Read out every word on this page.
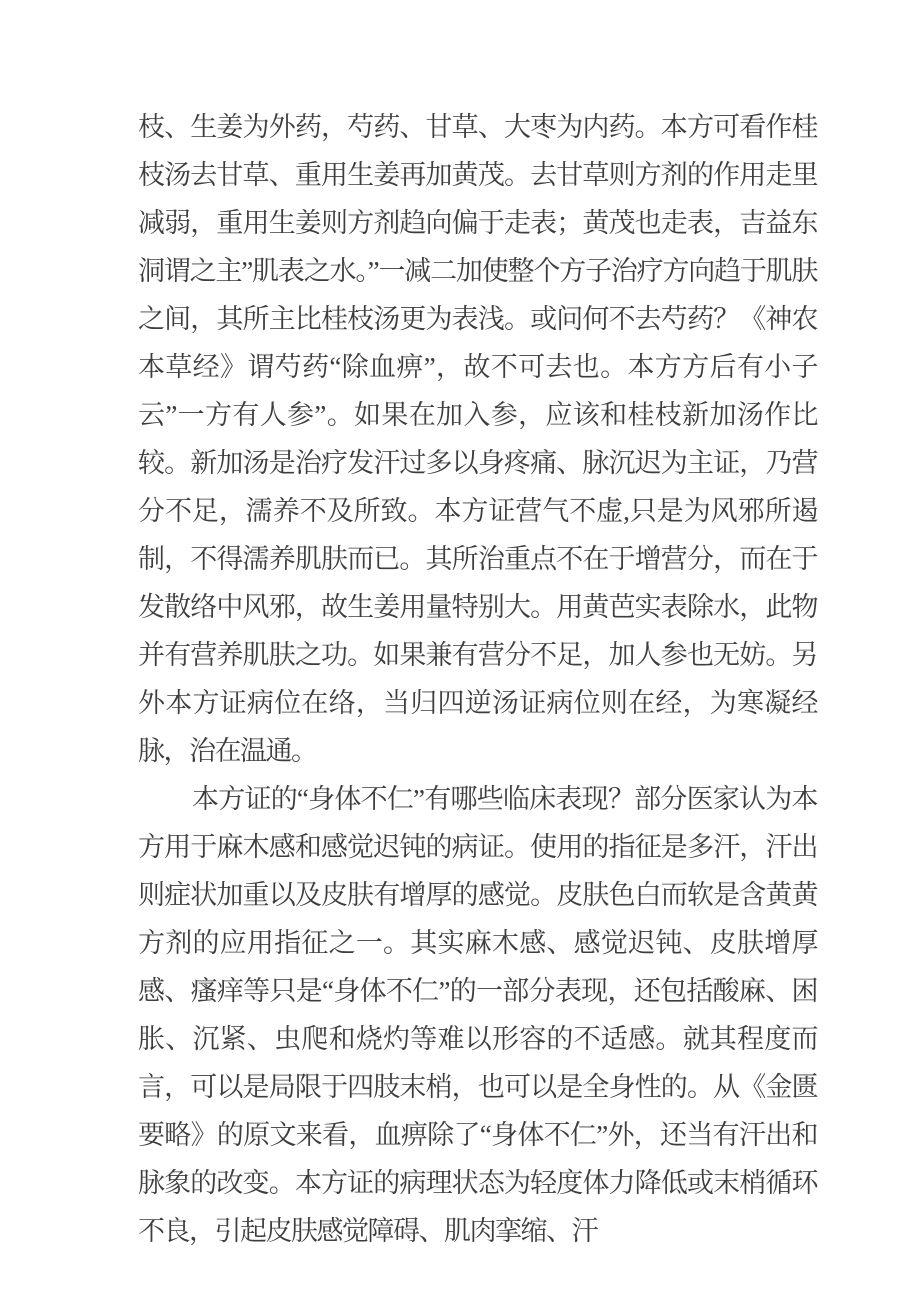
枝、生姜为外药，芍药、甘草、大枣为内药。本方可看作桂枝汤去甘草、重用生姜再加黄茂。去甘草则方剂的作用走里减弱，重用生姜则方剂趋向偏于走表；黄茂也走表，吉益东洞谓之主”肌表之水。”一减二加使整个方子治疗方向趋于肌肤之间，其所主比桂枝汤更为表浅。或问何不去芍药？《神农本草经》谓芍药“除血痹”，故不可去也。本方方后有小子云”一方有人参”。如果在加入参，应该和桂枝新加汤作比较。新加汤是治疗发汗过多以身疼痛、脉沉迟为主证，乃营分不足，濡养不及所致。本方证营气不虚,只是为风邪所遏制，不得濡养肌肤而已。其所治重点不在于增营分，而在于发散络中风邪，故生姜用量特别大。用黄芭实表除水，此物并有营养肌肤之功。如果兼有营分不足，加人参也无妨。另外本方证病位在络，当归四逆汤证病位则在经，为寒凝经脉，治在温通。

本方证的“身体不仁”有哪些临床表现？部分医家认为本方用于麻木感和感觉迟钝的病证。使用的指征是多汗，汗出则症状加重以及皮肤有增厚的感觉。皮肤色白而软是含黄黄方剂的应用指征之一。其实麻木感、感觉迟钝、皮肤增厚感、瘙痒等只是“身体不仁”的一部分表现，还包括酸麻、困胀、沉紧、虫爬和烧灼等难以形容的不适感。就其程度而言，可以是局限于四肢末梢，也可以是全身性的。从《金匮要略》的原文来看，血痹除了“身体不仁”外，还当有汗出和脉象的改变。本方证的病理状态为轻度体力降低或末梢循环不良，引起皮肤感觉障碍、肌肉挛缩、汗
